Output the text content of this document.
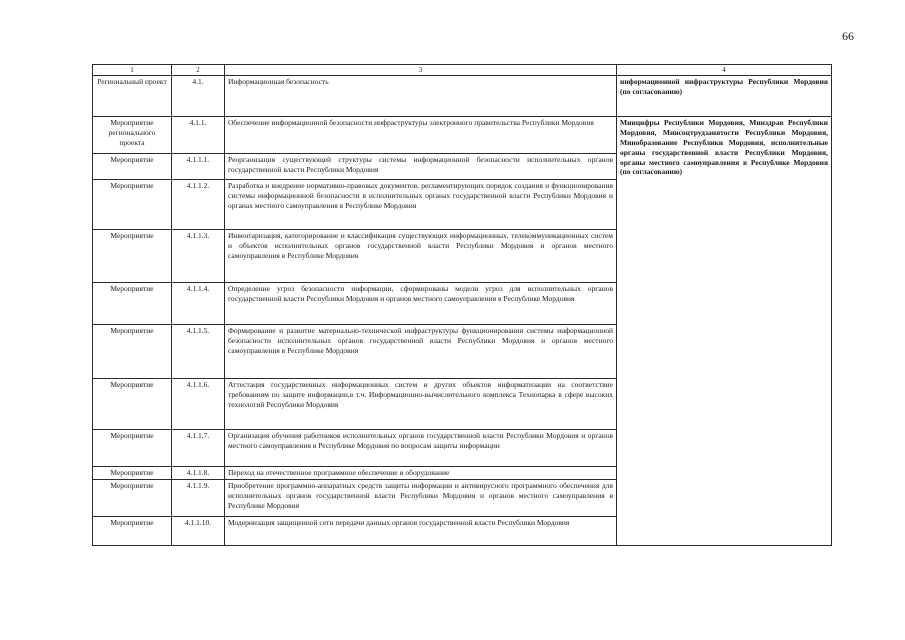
66
1	2	3	4
Региональный проект	4.1.	Информационная безопасность	информационной инфраструктуры Республики Мордовия (по согласованию)
Мероприятие регионального проекта	4.1.1.	Обеспечение информационной безопасности инфраструктуры электронного правительства Республики Мордовия	Минцифры Республики Мордовия, Минздрав Республики Мордовия, Минсоцтрудзанятости Республики Мордовия, Минобразование Республики Мордовия, исполнительные органы государственной власти Республики Мордовия, органы местного самоуправления в Республике Мордовия (по согласованию)
Мероприятие	4.1.1.1.	Реорганизация существующей структуры системы информационной безопасности исполнительных органов государственной власти Республики Мордовия	
Мероприятие	4.1.1.2.	Разработка и внедрение нормативно-правовых документов, регламентирующих порядок создания и функционирования системы информационной безопасности в исполнительных органах государственной власти Республики Мордовия и органах местного самоуправления в Республике Мордовия	
Мероприятие	4.1.1.3.	Инвентаризация, категорирование и классификация существующих информационных, телекоммуникационных систем и объектов исполнительных органов государственной власти Республики Мордовия и органов местного самоуправления в Республике Мордовия	
Мероприятие	4.1.1.4.	Определение угроз безопасности информации, сформированы модели угроз для исполнительных органов государственной власти Республики Мордовия и органов местного самоуправления в Республике Мордовия	
Мероприятие	4.1.1.5.	Формирование и развитие материально-технической инфраструктуры функционирования системы информационной безопасности исполнительных органов государственной власти Республики Мордовия и органов местного самоуправления в Республике Мордовия	
Мероприятие	4.1.1.6.	Аттестация государственных информационных систем и других объектов информатизации на соответствие требованиям по защите информации,в т.ч. Информационно-вычислительного комплекса Технопарка в сфере высоких технологий Республики Мордовия	
Мероприятие	4.1.1.7.	Организация обучения работников исполнительных органов государственной власти Республики Мордовия и органов местного самоуправления в Республике Мордовия по вопросам защиты информации	
Мероприятие	4.1.1.8.	Переход на отечественное программное обеспечение и оборудование	
Мероприятие	4.1.1.9.	Приобретение программно-аппаратных средств защиты информации и антивирусного программного обеспечения для исполнительных органов государственной власти Республики Мордовия и органов местного самоуправления в Республике Мордовия	
Мероприятие	4.1.1.10.	Модернизация защищенной сети передачи данных органов государственной власти Республики Мордовия	
